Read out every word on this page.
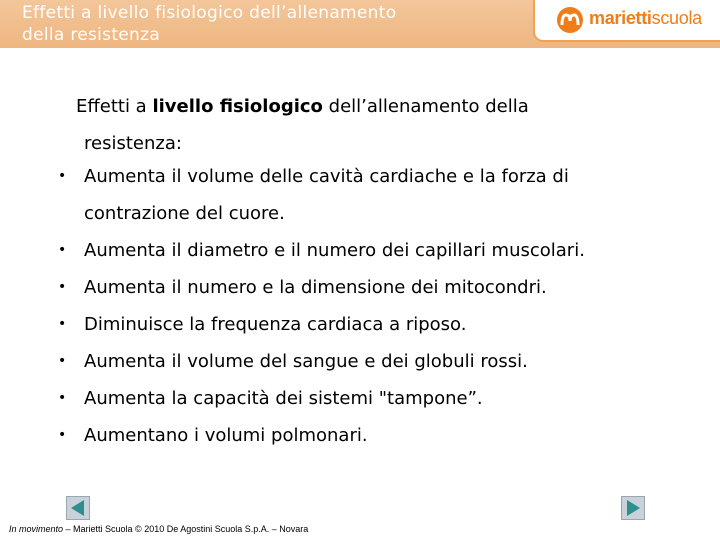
Effetti a livello fisiologico dell’allenamento
della resistenza
mariettiscuola
Effetti a livello fisiologico dell’allenamento della
resistenza:
• Aumenta il volume delle cavità cardiache e la forza di
contrazione del cuore.
• Aumenta il diametro e il numero dei capillari muscolari.
• Aumenta il numero e la dimensione dei mitocondri.
• Diminuisce la frequenza cardiaca a riposo.
• Aumenta il volume del sangue e dei globuli rossi.
• Aumenta la capacità dei sistemi "tampone”.
• Aumentano i volumi polmonari.
In movimento – Marietti Scuola © 2010 De Agostini Scuola S.p.A. – Novara
